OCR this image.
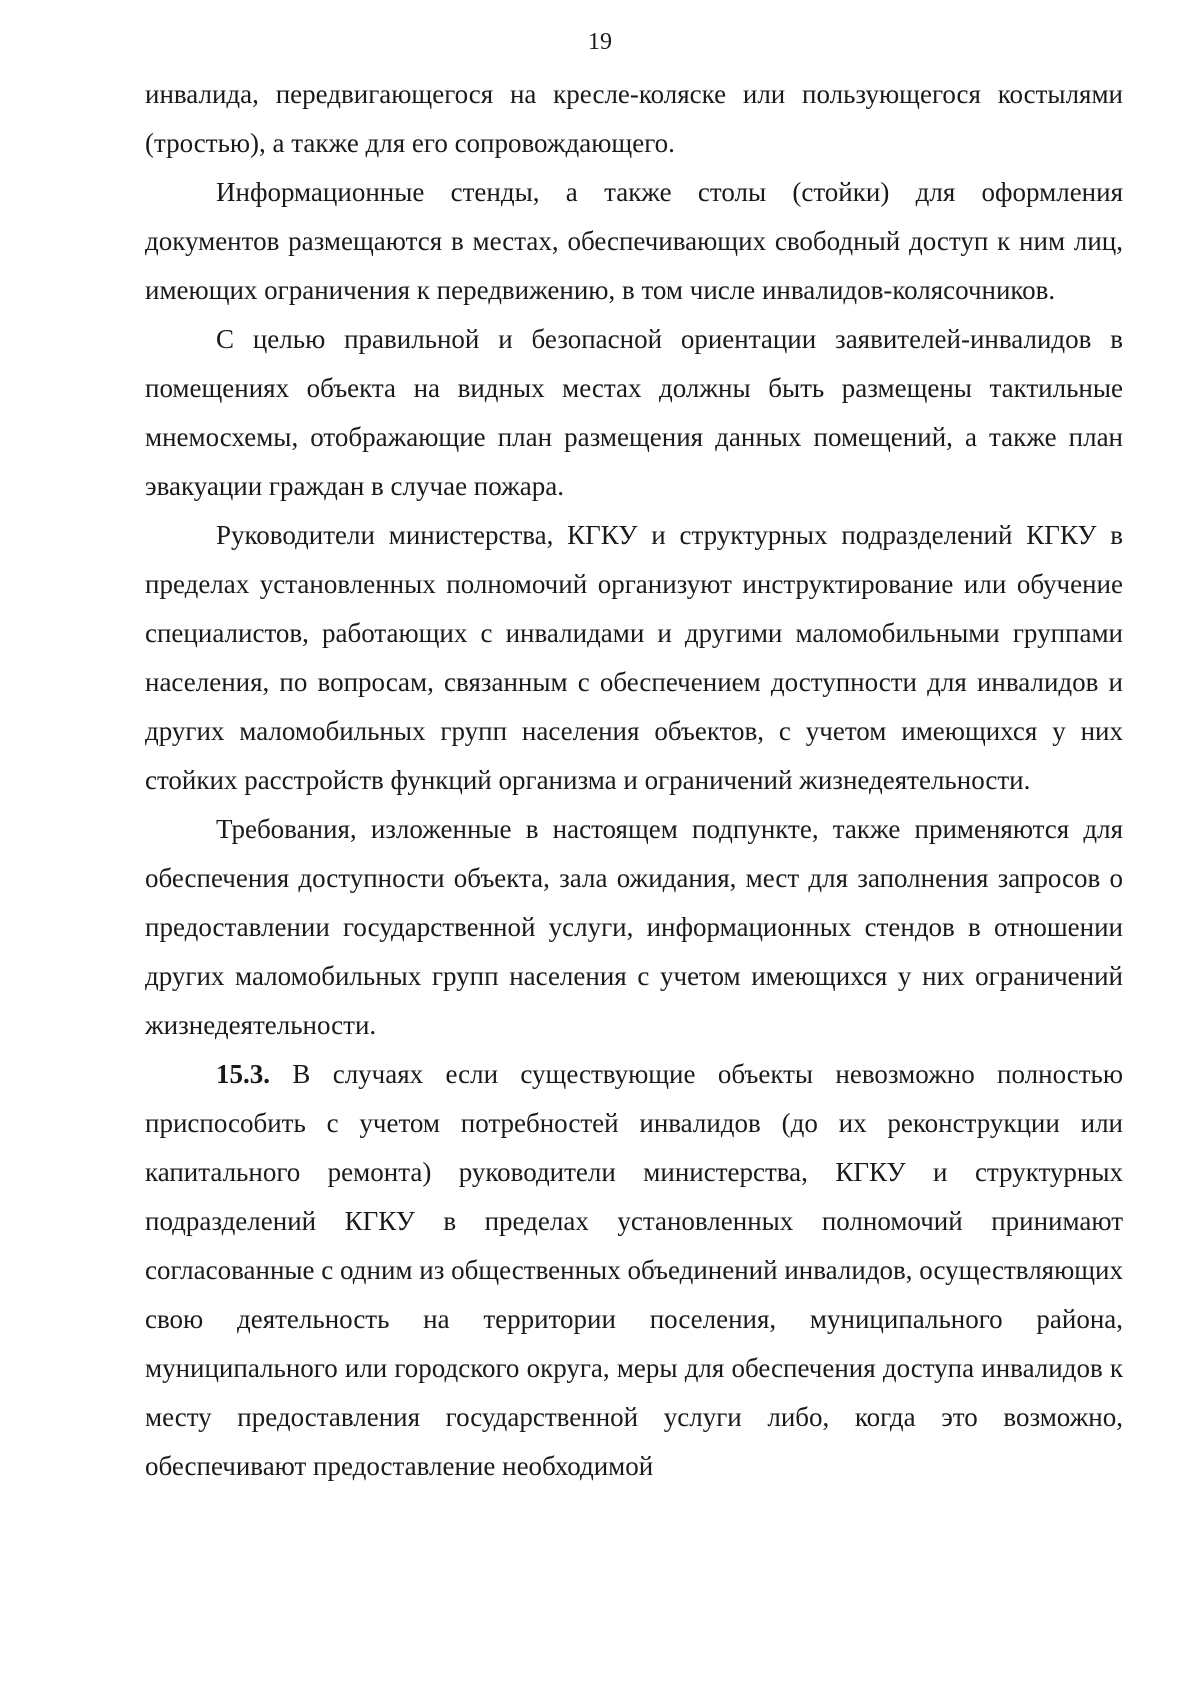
19

инвалида, передвигающегося на кресле-коляске или пользующегося костылями (тростью), а также для его сопровождающего.

Информационные стенды, а также столы (стойки) для оформления документов размещаются в местах, обеспечивающих свободный доступ к ним лиц, имеющих ограничения к передвижению, в том числе инвалидов-колясочников.

С целью правильной и безопасной ориентации заявителей-инвалидов в помещениях объекта на видных местах должны быть размещены тактильные мнемосхемы, отображающие план размещения данных помещений, а также план эвакуации граждан в случае пожара.

Руководители министерства, КГКУ и структурных подразделений КГКУ в пределах установленных полномочий организуют инструктирование или обучение специалистов, работающих с инвалидами и другими маломобильными группами населения, по вопросам, связанным с обеспечением доступности для инвалидов и других маломобильных групп населения объектов, с учетом имеющихся у них стойких расстройств функций организма и ограничений жизнедеятельности.

Требования, изложенные в настоящем подпункте, также применяются для обеспечения доступности объекта, зала ожидания, мест для заполнения запросов о предоставлении государственной услуги, информационных стендов в отношении других маломобильных групп населения с учетом имеющихся у них ограничений жизнедеятельности.

15.3. В случаях если существующие объекты невозможно полностью приспособить с учетом потребностей инвалидов (до их реконструкции или капитального ремонта) руководители министерства, КГКУ и структурных подразделений КГКУ в пределах установленных полномочий принимают согласованные с одним из общественных объединений инвалидов, осуществляющих свою деятельность на территории поселения, муниципального района, муниципального или городского округа, меры для обеспечения доступа инвалидов к месту предоставления государственной услуги либо, когда это возможно, обеспечивают предоставление необходимой
